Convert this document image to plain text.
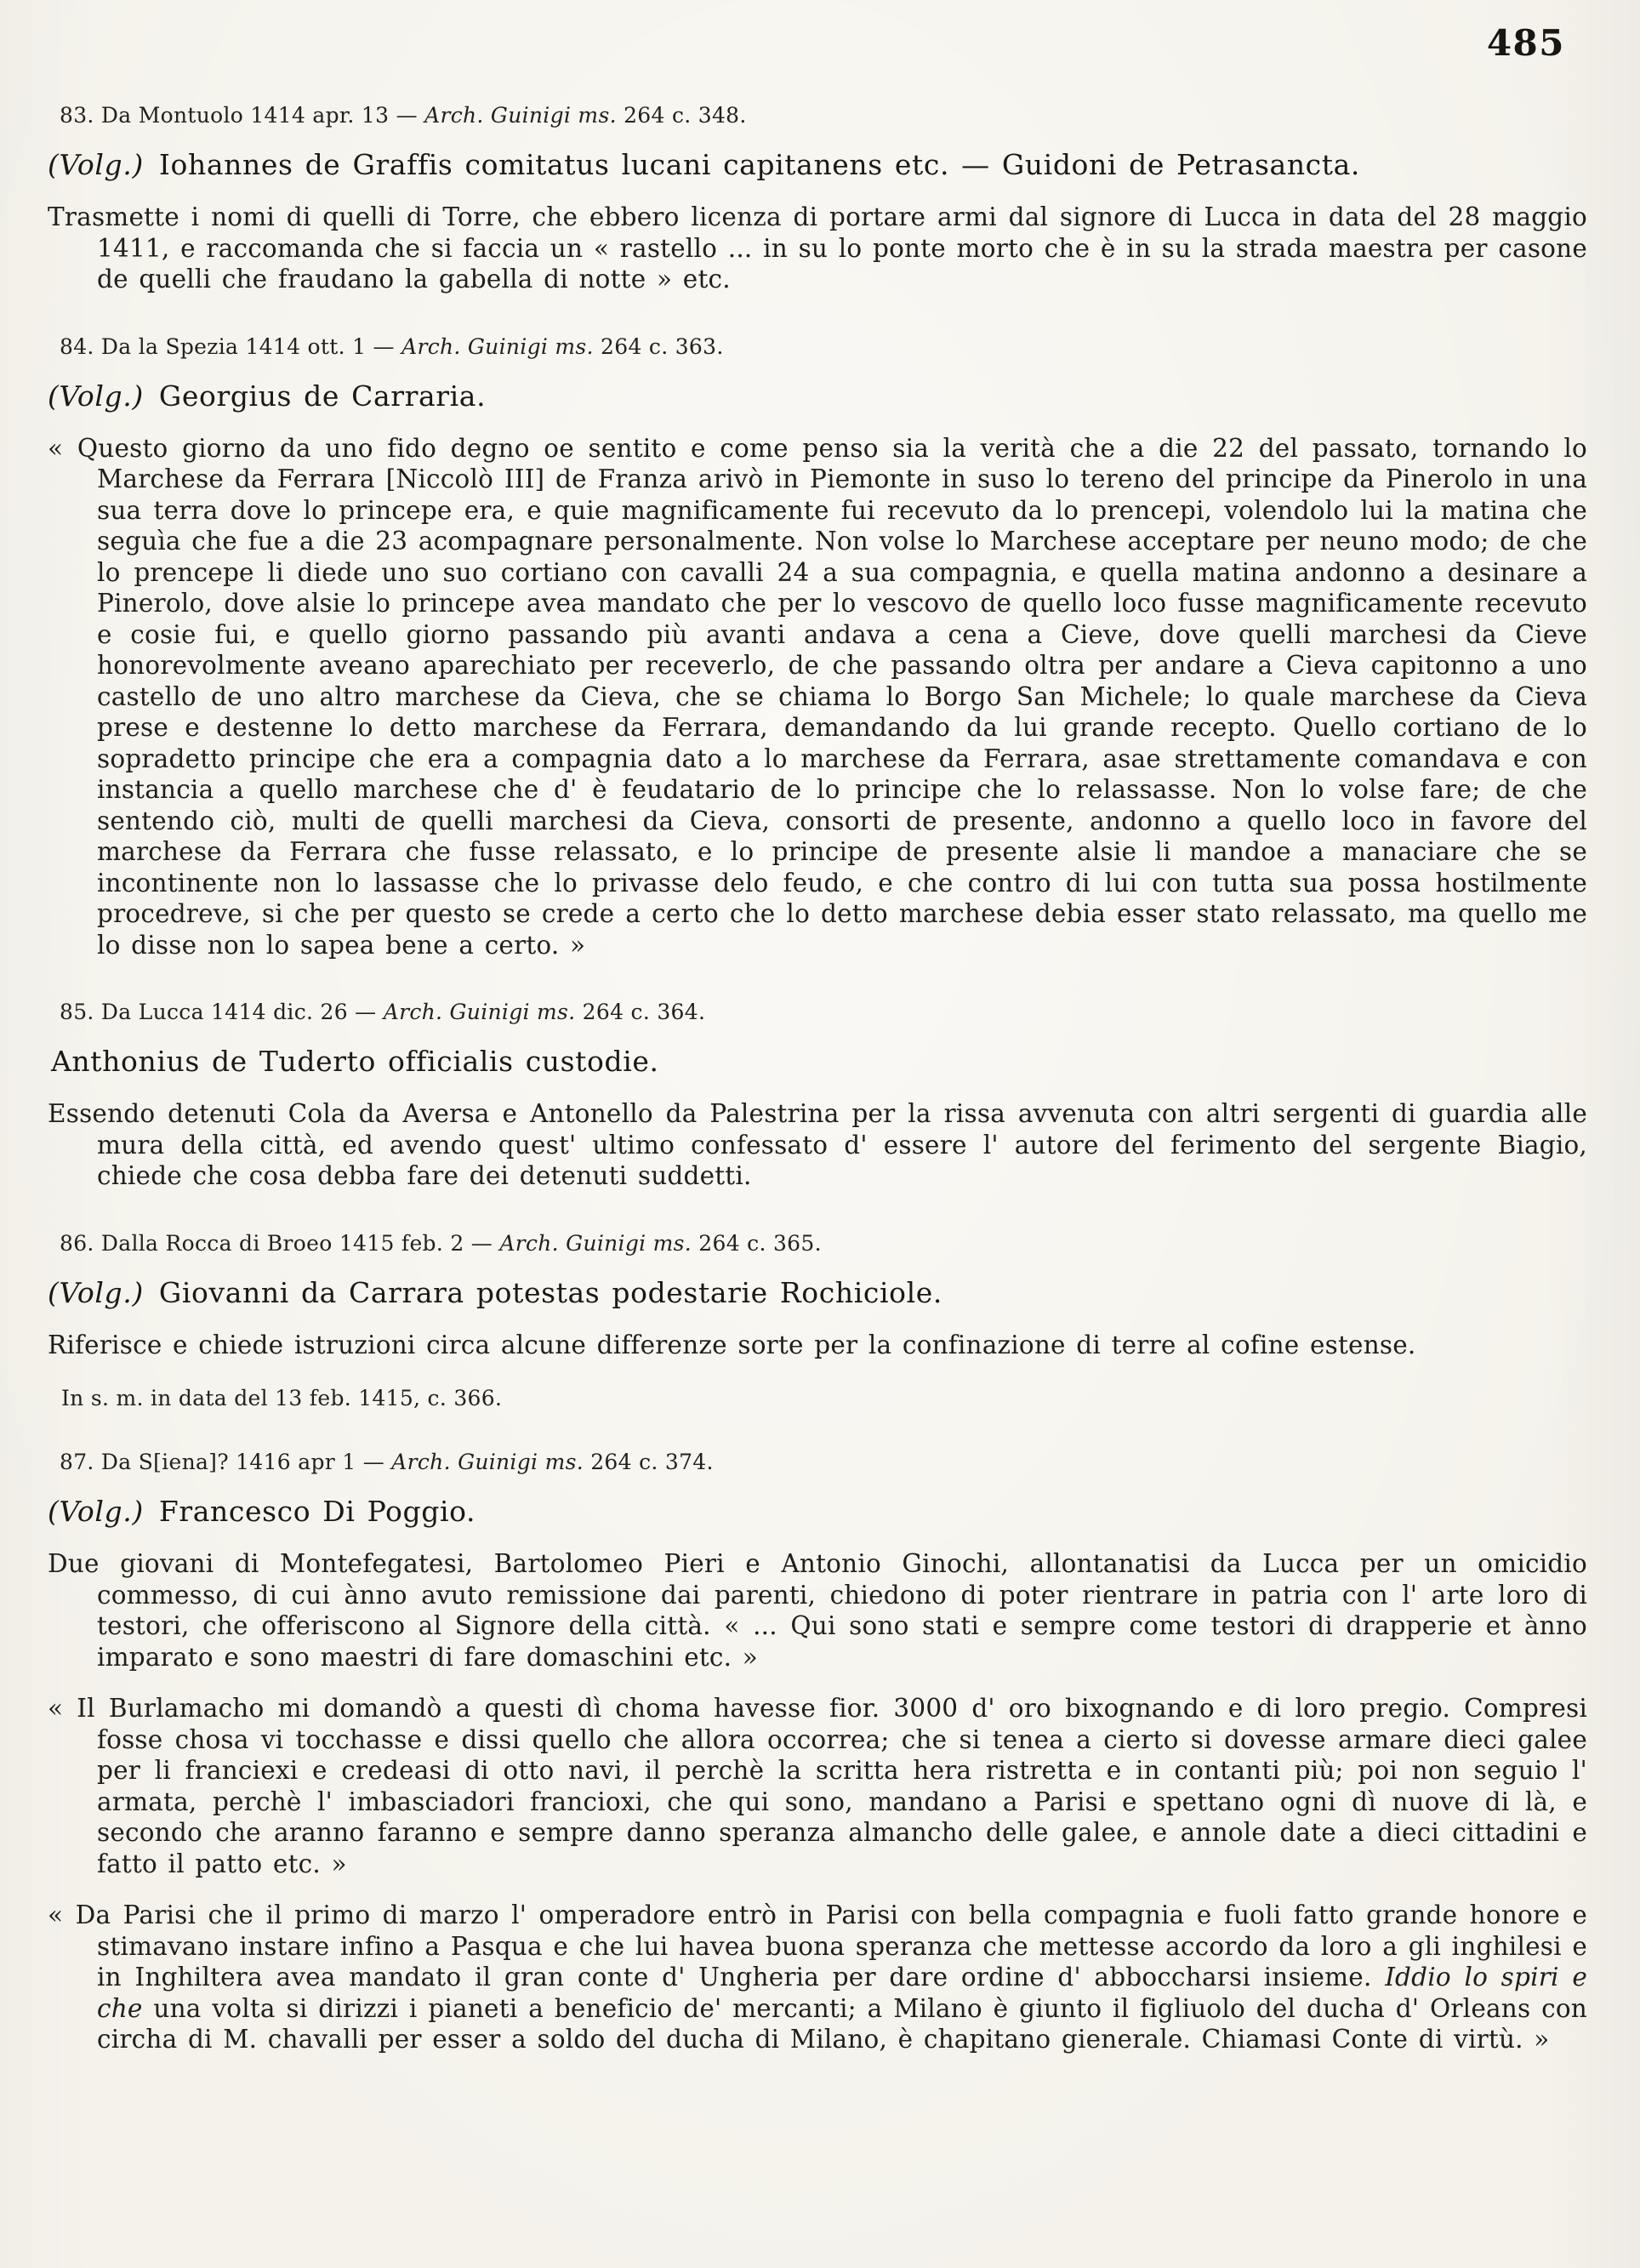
485
83. Da Montuolo 1414 apr. 13 — Arch. Guinigi ms. 264 c. 348.
(Volg.) Iohannes de Graffis comitatus lucani capitanens etc. — Guidoni de Petrasancta.

Trasmette i nomi di quelli di Torre, che ebbero licenza di portare armi dal signore di Lucca in data del 28 maggio 1411, e raccomanda che si faccia un « rastello ... in su lo ponte morto che è in su la strada maestra per casone de quelli che fraudano la gabella di notte » etc.

84. Da la Spezia 1414 ott. 1 — Arch. Guinigi ms. 264 c. 363.
(Volg.) Georgius de Carraria.

« Questo giorno da uno fido degno oe sentito e come penso sia la verità che a die 22 del passato, tornando lo Marchese da Ferrara [Niccolò III] de Franza arivò in Piemonte in suso lo tereno del principe da Pinerolo in una sua terra dove lo princepe era, e quie magnificamente fui recevuto da lo prencepi, volendolo lui la matina che seguìa che fue a die 23 acompagnare personalmente. Non volse lo Marchese acceptare per neuno modo; de che lo prencepe li diede uno suo cortiano con cavalli 24 a sua compagnia, e quella matina andonno a desinare a Pinerolo, dove alsie lo princepe avea mandato che per lo vescovo de quello loco fusse magnificamente recevuto e cosie fui, e quello giorno passando più avanti andava a cena a Cieve, dove quelli marchesi da Cieve honorevolmente aveano aparechiato per receverlo, de che passando oltra per andare a Cieva capitonno a uno castello de uno altro marchese da Cieva, che se chiama lo Borgo San Michele; lo quale marchese da Cieva prese e destenne lo detto marchese da Ferrara, demandando da lui grande recepto. Quello cortiano de lo sopradetto principe che era a compagnia dato a lo marchese da Ferrara, asae strettamente comandava e con instancia a quello marchese che d' è feudatario de lo principe che lo relassasse. Non lo volse fare; de che sentendo ciò, multi de quelli marchesi da Cieva, consorti de presente, andonno a quello loco in favore del marchese da Ferrara che fusse relassato, e lo principe de presente alsie li mandoe a manaciare che se incontinente non lo lassasse che lo privasse delo feudo, e che contro di lui con tutta sua possa hostilmente procedreve, si che per questo se crede a certo che lo detto marchese debia esser stato relassato, ma quello me lo disse non lo sapea bene a certo. »

85. Da Lucca 1414 dic. 26 — Arch. Guinigi ms. 264 c. 364.
Anthonius de Tuderto officialis custodie.

Essendo detenuti Cola da Aversa e Antonello da Palestrina per la rissa avvenuta con altri sergenti di guardia alle mura della città, ed avendo quest' ultimo confessato d' essere l' autore del ferimento del sergente Biagio, chiede che cosa debba fare dei detenuti suddetti.

86. Dalla Rocca di Broeo 1415 feb. 2 — Arch. Guinigi ms. 264 c. 365.
(Volg.) Giovanni da Carrara potestas podestarie Rochiciole.

Riferisce e chiede istruzioni circa alcune differenze sorte per la confinazione di terre al cofine estense.

In s. m. in data del 13 feb. 1415, c. 366.

87. Da S[iena]? 1416 apr 1 — Arch. Guinigi ms. 264 c. 374.
(Volg.) Francesco Di Poggio.

Due giovani di Montefegatesi, Bartolomeo Pieri e Antonio Ginochi, allontanatisi da Lucca per un omicidio commesso, di cui ànno avuto remissione dai parenti, chiedono di poter rientrare in patria con l' arte loro di testori, che offeriscono al Signore della città. « ... Qui sono stati e sempre come testori di drapperie et ànno imparato e sono maestri di fare domaschini etc. »

« Il Burlamacho mi domandò a questi dì choma havesse fior. 3000 d' oro bixognando e di loro pregio. Compresi fosse chosa vi tocchasse e dissi quello che allora occorrea; che si tenea a cierto si dovesse armare dieci galee per li franciexi e credeasi di otto navi, il perchè la scritta hera ristretta e in contanti più; poi non seguio l' armata, perchè l' imbasciadori francioxi, che qui sono, mandano a Parisi e spettano ogni dì nuove di là, e secondo che aranno faranno e sempre danno speranza almancho delle galee, e annole date a dieci cittadini e fatto il patto etc. »

« Da Parisi che il primo di marzo l' omperadore entrò in Parisi con bella compagnia e fuoli fatto grande honore e stimavano instare infino a Pasqua e che lui havea buona speranza che mettesse accordo da loro a gli inghilesi e in Inghiltera avea mandato il gran conte d' Ungheria per dare ordine d' abboccharsi insieme. Iddio lo spiri e che una volta si dirizzi i pianeti a beneficio de' mercanti; a Milano è giunto il figliuolo del ducha d' Orleans con circha di M. chavalli per esser a soldo del ducha di Milano, è chapitano gienerale. Chiamasi Conte di virtù. »
